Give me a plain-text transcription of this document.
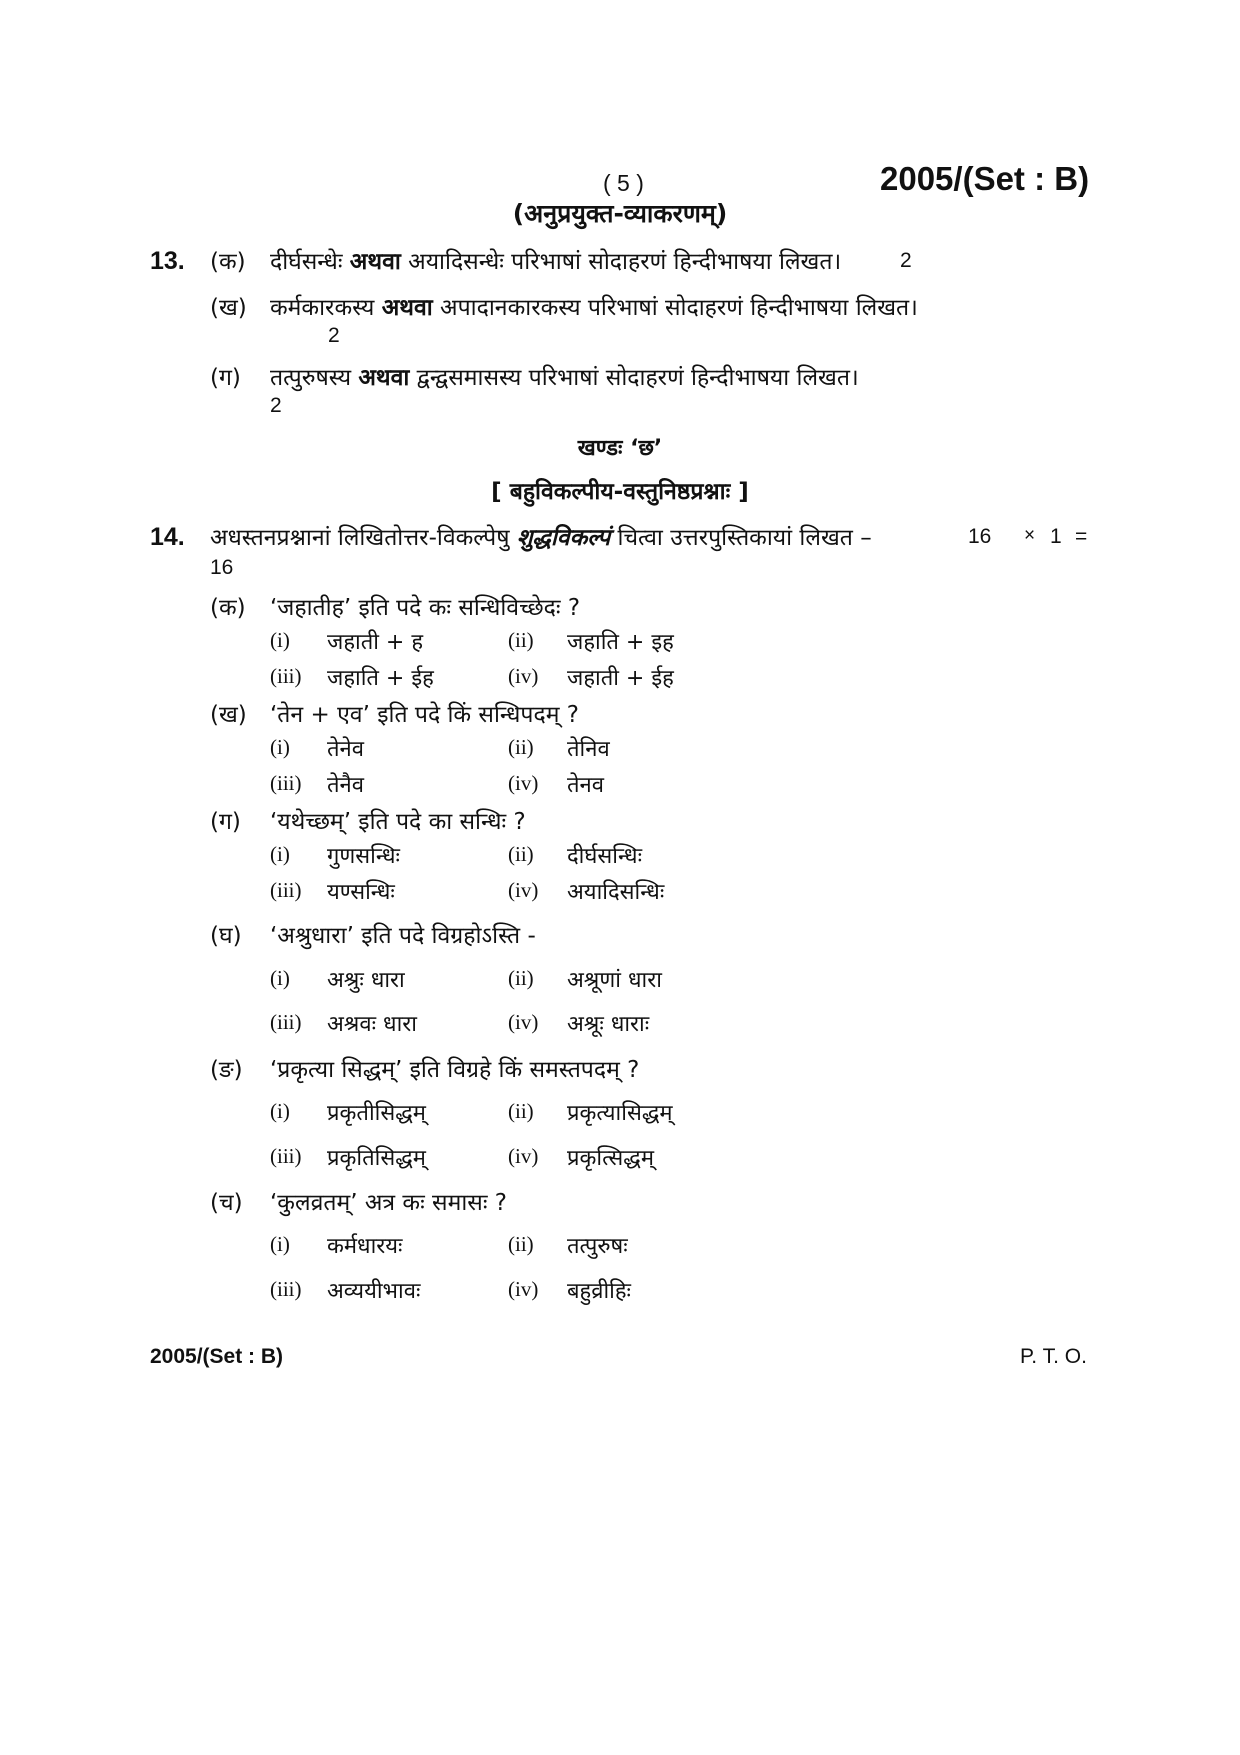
( 5 )	2005/(Set : B)
(अनुप्रयुक्त-व्याकरणम्)
13. (क) दीर्घसन्धेः अथवा अयादिसन्धेः परिभाषां सोदाहरणं हिन्दीभाषया लिखत।	2
(ख) कर्मकारकस्य अथवा अपादानकारकस्य परिभाषां सोदाहरणं हिन्दीभाषया लिखत।
2
(ग) तत्पुरुषस्य अथवा द्वन्द्वसमासस्य परिभाषां सोदाहरणं हिन्दीभाषया लिखत।
2
खण्डः ‘छ’
[ बहुविकल्पीय-वस्तुनिष्ठप्रश्नाः ]
14. अधस्तनप्रश्नानां लिखितोत्तर-विकल्पेषु शुद्धविकल्पं चित्वा उत्तरपुस्तिकायां लिखत –	16 × 1 =
16
(क) ‘जहातीह’ इति पदे कः सन्धिविच्छेदः ?
(i) जहाती + ह	(ii) जहाति + इह
(iii) जहाति + ईह	(iv) जहाती + ईह
(ख) ‘तेन + एव’ इति पदे किं सन्धिपदम् ?
(i) तेनेव	(ii) तेनिव
(iii) तेनैव	(iv) तेनव
(ग) ‘यथेच्छम्’ इति पदे का सन्धिः ?
(i) गुणसन्धिः	(ii) दीर्घसन्धिः
(iii) यण्सन्धिः	(iv) अयादिसन्धिः
(घ) ‘अश्रुधारा’ इति पदे विग्रहोऽस्ति -
(i) अश्रुः धारा	(ii) अश्रूणां धारा
(iii) अश्रवः धारा	(iv) अश्रूः धाराः
(ङ) ‘प्रकृत्या सिद्धम्’ इति विग्रहे किं समस्तपदम् ?
(i) प्रकृतीसिद्धम्	(ii) प्रकृत्यासिद्धम्
(iii) प्रकृतिसिद्धम्	(iv) प्रकृत्सिद्धम्
(च) ‘कुलव्रतम्’ अत्र कः समासः ?
(i) कर्मधारयः	(ii) तत्पुरुषः
(iii) अव्ययीभावः	(iv) बहुव्रीहिः
2005/(Set : B)	P. T. O.
